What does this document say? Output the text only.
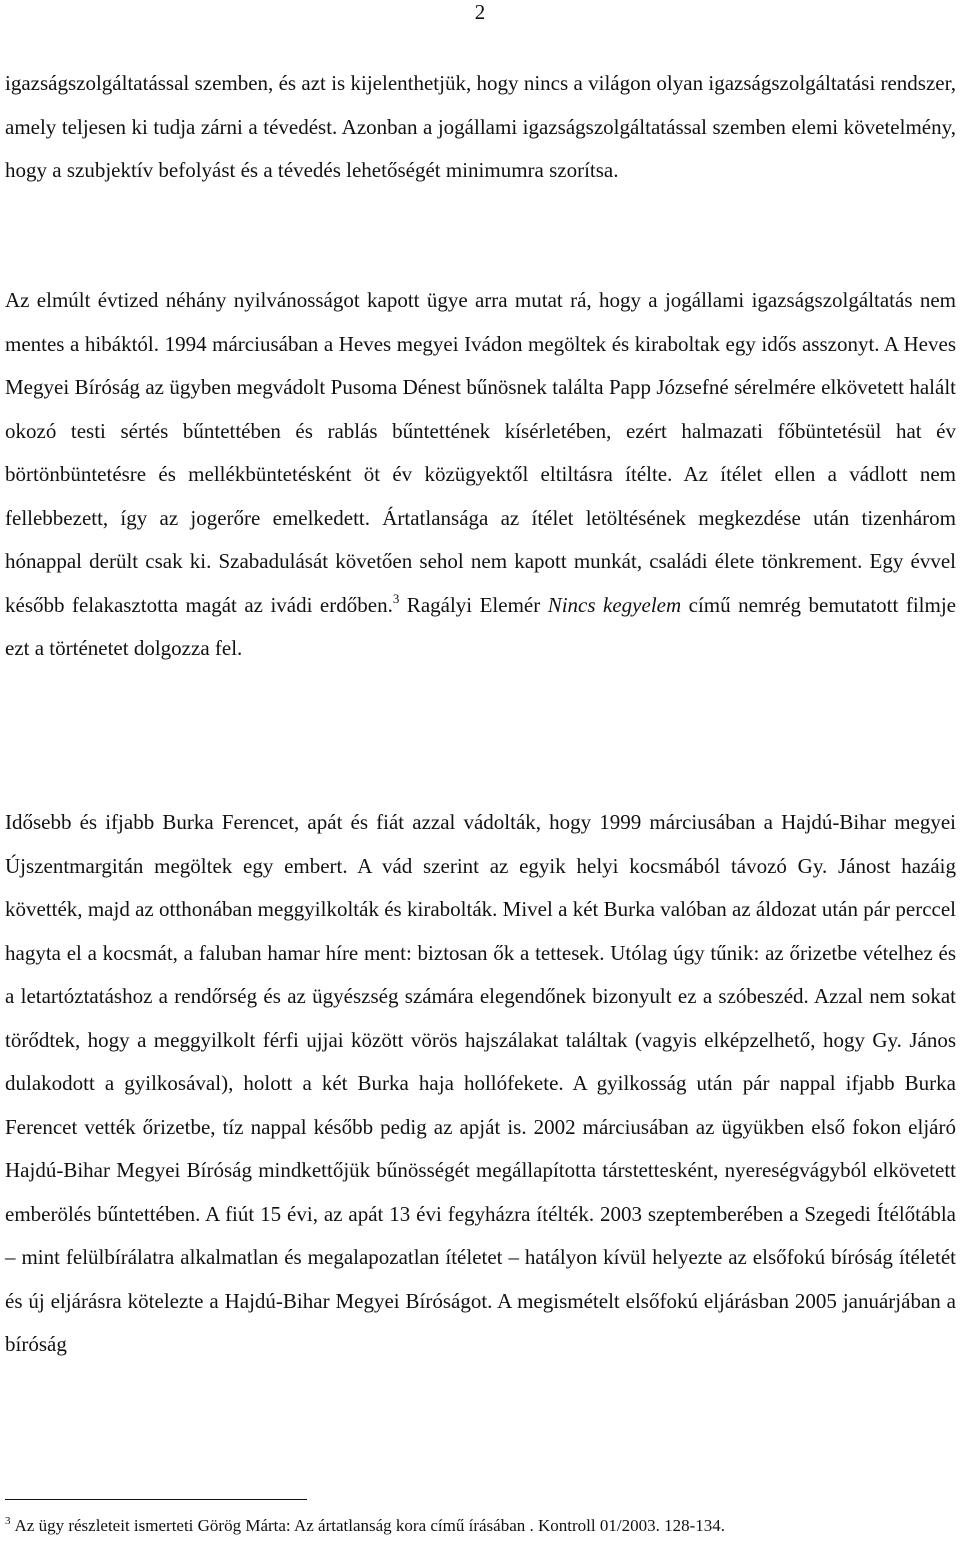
2

igazságszolgáltatással szemben, és azt is kijelenthetjük, hogy nincs a világon olyan igazságszolgáltatási rendszer, amely teljesen ki tudja zárni a tévedést. Azonban a jogállami igazságszolgáltatással szemben elemi követelmény, hogy a szubjektív befolyást és a tévedés lehetőségét minimumra szorítsa.

Az elmúlt évtized néhány nyilvánosságot kapott ügye arra mutat rá, hogy a jogállami igazságszolgáltatás nem mentes a hibáktól. 1994 márciusában a Heves megyei Ivádon megöltek és kiraboltak egy idős asszonyt. A Heves Megyei Bíróság az ügyben megvádolt Pusoma Dénest bűnösnek találta Papp Józsefné sérelmére elkövetett halált okozó testi sértés bűntettében és rablás bűntettének kísérletében, ezért halmazati főbüntetésül hat év börtönbüntetésre és mellékbüntetésként öt év közügyektől eltiltásra ítélte. Az ítélet ellen a vádlott nem fellebbezett, így az jogerőre emelkedett. Ártatlansága az ítélet letöltésének megkezdése után tizenhárom hónappal derült csak ki. Szabadulását követően sehol nem kapott munkát, családi élete tönkrement. Egy évvel később felakasztotta magát az ivádi erdőben.$^3$ Ragályi Elemér Nincs kegyelem című nemrég bemutatott filmje ezt a történetet dolgozza fel.

Idősebb és ifjabb Burka Ferencet, apát és fiát azzal vádolták, hogy 1999 márciusában a Hajdú-Bihar megyei Újszentmargitán megöltek egy embert. A vád szerint az egyik helyi kocsmából távozó Gy. Jánost hazáig követték, majd az otthonában meggyilkolták és kirabolták. Mivel a két Burka valóban az áldozat után pár perccel hagyta el a kocsmát, a faluban hamar híre ment: biztosan ők a tettesek. Utólag úgy tűnik: az őrizetbe vételhez és a letartóztatáshoz a rendőrség és az ügyészség számára elegendőnek bizonyult ez a szóbeszéd. Azzal nem sokat törődtek, hogy a meggyilkolt férfi ujjai között vörös hajszálakat találtak (vagyis elképzelhető, hogy Gy. János dulakodott a gyilkosával), holott a két Burka haja hollófekete. A gyilkosság után pár nappal ifjabb Burka Ferencet vették őrizetbe, tíz nappal később pedig az apját is. 2002 márciusában az ügyükben első fokon eljáró Hajdú-Bihar Megyei Bíróság mindkettőjük bűnösségét megállapította társtettesként, nyereségvágyból elkövetett emberölés bűntettében. A fiút 15 évi, az apát 13 évi fegyházra ítélték. 2003 szeptemberében a Szegedi Ítélőtábla – mint felülbírálatra alkalmatlan és megalapozatlan ítéletet – hatályon kívül helyezte az elsőfokú bíróság ítéletét és új eljárásra kötelezte a Hajdú-Bihar Megyei Bíróságot. A megismételt elsőfokú eljárásban 2005 januárjában a bíróság

$^3$ Az ügy részleteit ismerteti Görög Márta: Az ártatlanság kora című írásában . Kontroll 01/2003. 128-134.
